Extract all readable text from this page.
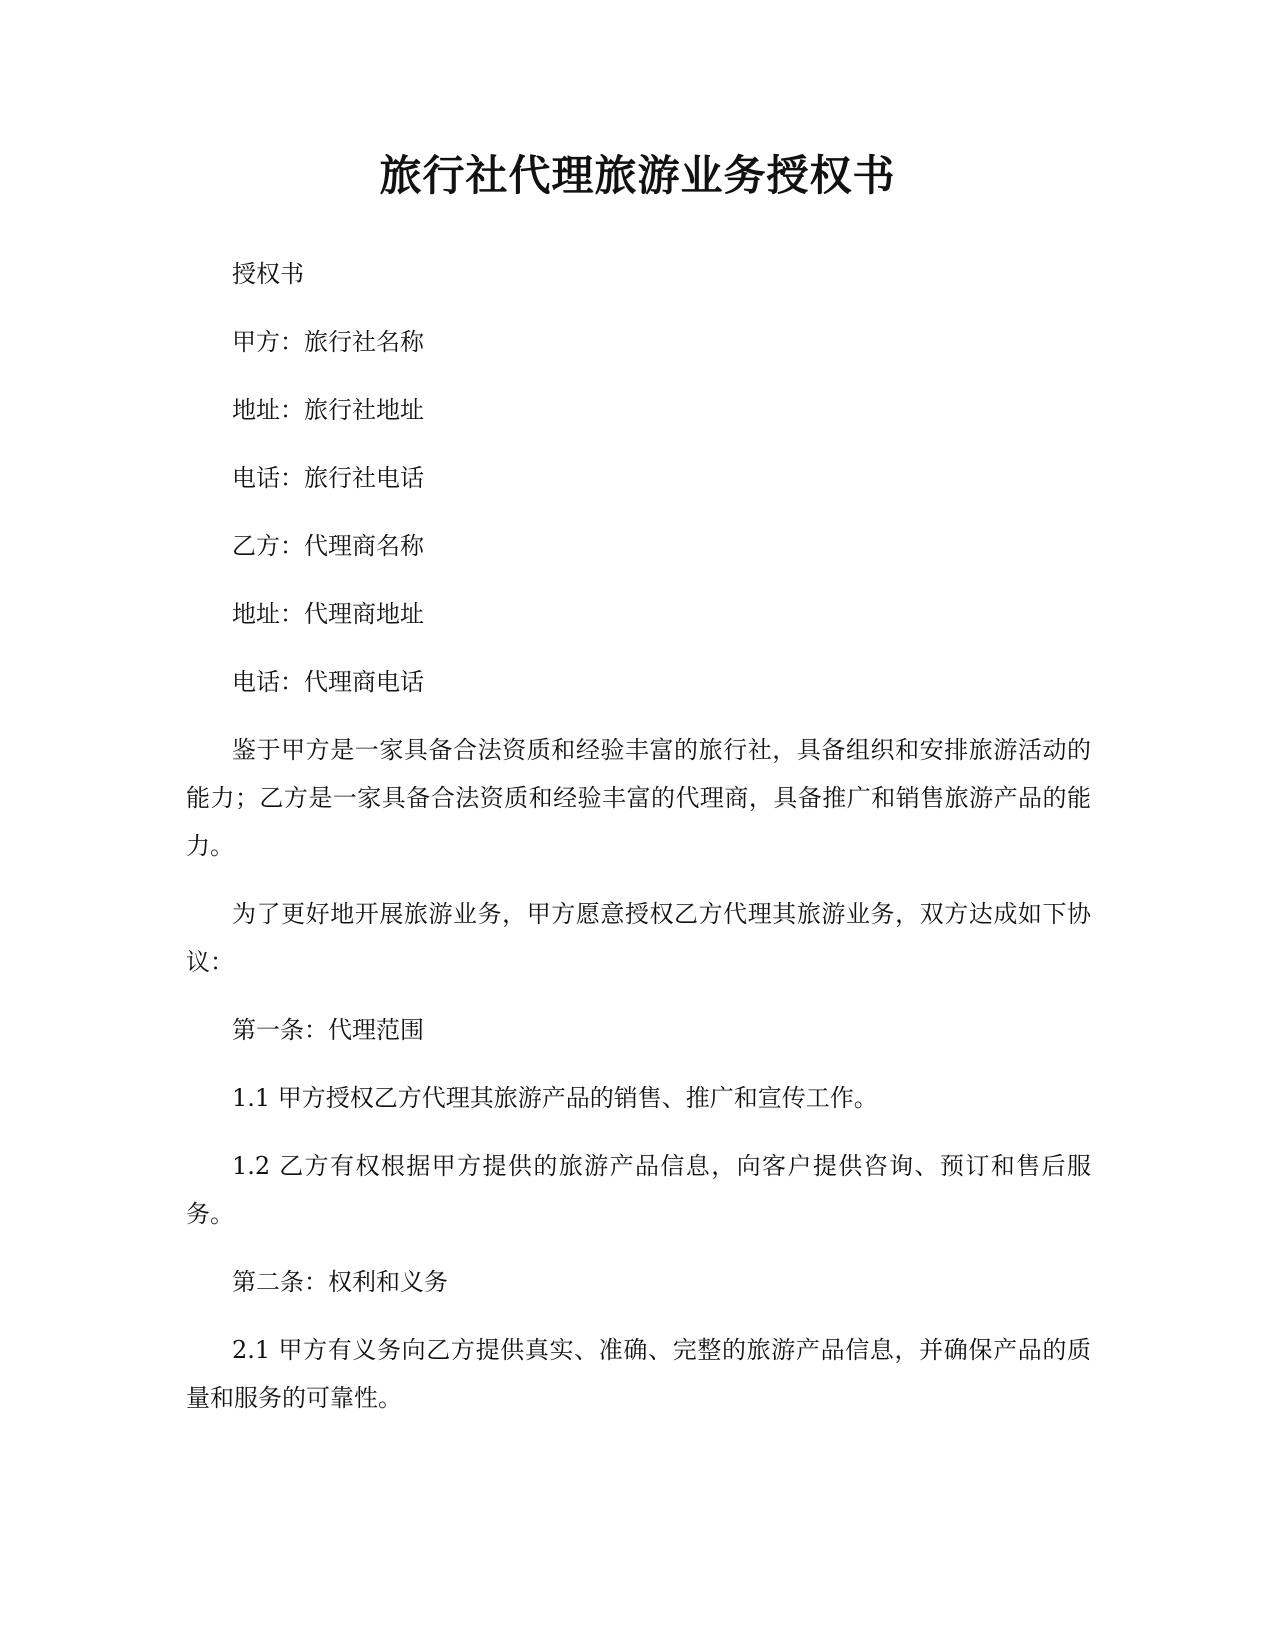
旅行社代理旅游业务授权书

授权书

甲方：旅行社名称

地址：旅行社地址

电话：旅行社电话

乙方：代理商名称

地址：代理商地址

电话：代理商电话

鉴于甲方是一家具备合法资质和经验丰富的旅行社，具备组织和安排旅游活动的能力；乙方是一家具备合法资质和经验丰富的代理商，具备推广和销售旅游产品的能力。

为了更好地开展旅游业务，甲方愿意授权乙方代理其旅游业务，双方达成如下协议：

第一条：代理范围

1.1 甲方授权乙方代理其旅游产品的销售、推广和宣传工作。

1.2 乙方有权根据甲方提供的旅游产品信息，向客户提供咨询、预订和售后服务。

第二条：权利和义务

2.1 甲方有义务向乙方提供真实、准确、完整的旅游产品信息，并确保产品的质量和服务的可靠性。
